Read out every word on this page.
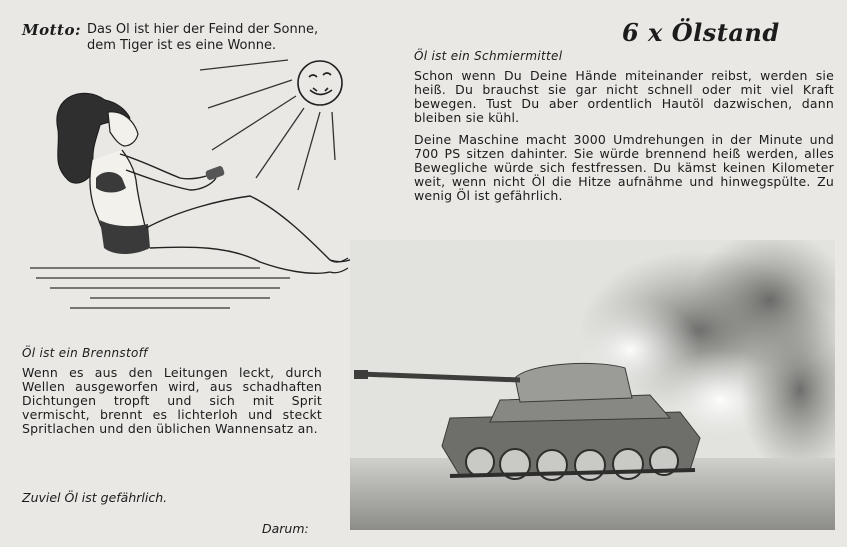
Motto: Das Öl ist hier der Feind der Sonne,
dem Tiger ist es eine Wonne.	6 x Ölstand

Öl ist ein Schmiermittel

Schon wenn Du Deine Hände miteinander reibst, werden sie heiß. Du brauchst sie gar nicht schnell oder mit viel Kraft bewegen. Tust Du aber ordentlich Hautöl dazwischen, dann bleiben sie kühl.

Deine Maschine macht 3000 Umdrehungen in der Minute und 700 PS sitzen dahinter. Sie würde brennend heiß werden, alles Bewegliche würde sich festfressen. Du kämst keinen Kilometer weit, wenn nicht Öl die Hitze aufnähme und hinwegspülte. Zu wenig Öl ist gefährlich.

Öl ist ein Brennstoff

Wenn es aus den Leitungen leckt, durch Wellen ausgeworfen wird, aus schadhaften Dichtungen tropft und sich mit Sprit vermischt, brennt es lichterloh und steckt Spritlachen und den üblichen Wannensatz an.

Zuviel Öl ist gefährlich.
Darum:
